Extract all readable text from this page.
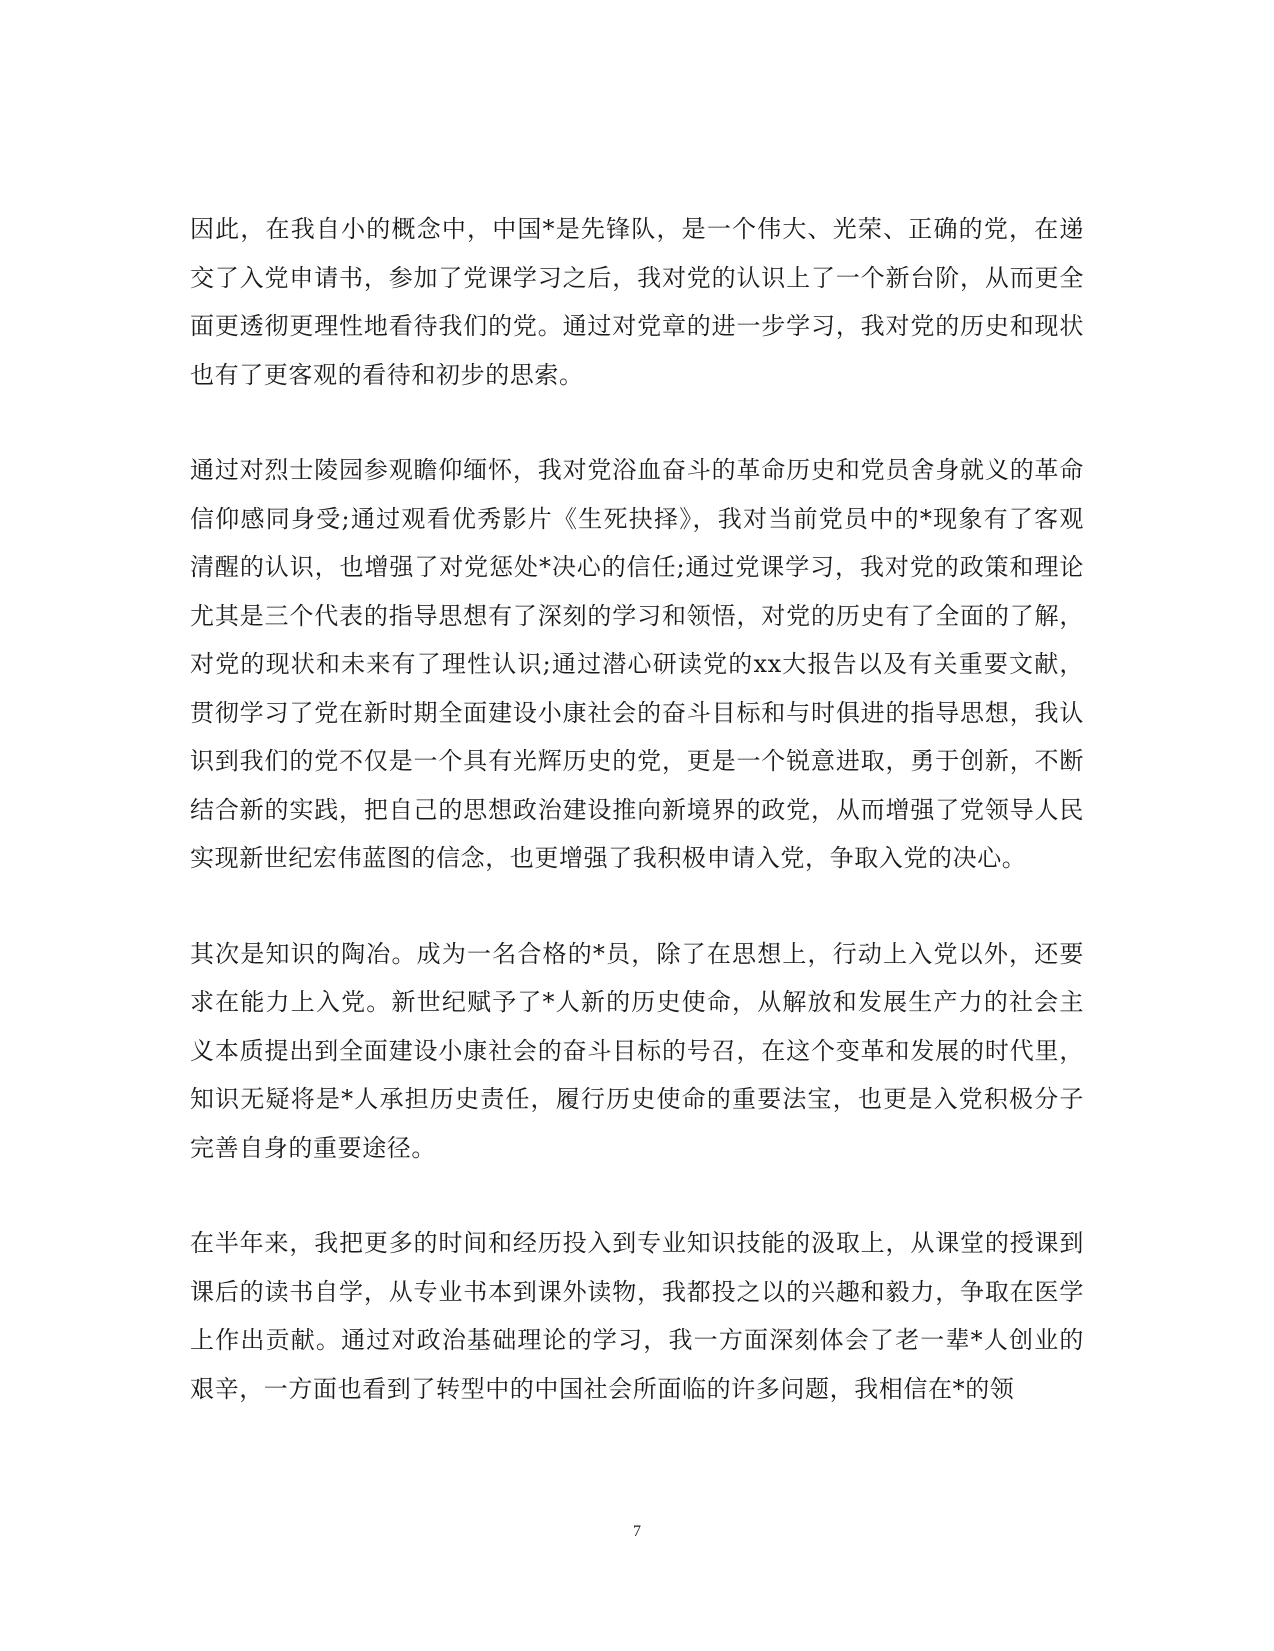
因此，在我自小的概念中，中国*是先锋队，是一个伟大、光荣、正确的党，在递交了入党申请书，参加了党课学习之后，我对党的认识上了一个新台阶，从而更全面更透彻更理性地看待我们的党。通过对党章的进一步学习，我对党的历史和现状也有了更客观的看待和初步的思索。

通过对烈士陵园参观瞻仰缅怀，我对党浴血奋斗的革命历史和党员舍身就义的革命信仰感同身受;通过观看优秀影片《生死抉择》，我对当前党员中的*现象有了客观清醒的认识，也增强了对党惩处*决心的信任;通过党课学习，我对党的政策和理论尤其是三个代表的指导思想有了深刻的学习和领悟，对党的历史有了全面的了解，对党的现状和未来有了理性认识;通过潜心研读党的xx大报告以及有关重要文献，贯彻学习了党在新时期全面建设小康社会的奋斗目标和与时俱进的指导思想，我认识到我们的党不仅是一个具有光辉历史的党，更是一个锐意进取，勇于创新，不断结合新的实践，把自己的思想政治建设推向新境界的政党，从而增强了党领导人民实现新世纪宏伟蓝图的信念，也更增强了我积极申请入党，争取入党的决心。

其次是知识的陶冶。成为一名合格的*员，除了在思想上，行动上入党以外，还要求在能力上入党。新世纪赋予了*人新的历史使命，从解放和发展生产力的社会主义本质提出到全面建设小康社会的奋斗目标的号召，在这个变革和发展的时代里，知识无疑将是*人承担历史责任，履行历史使命的重要法宝，也更是入党积极分子完善自身的重要途径。

在半年来，我把更多的时间和经历投入到专业知识技能的汲取上，从课堂的授课到课后的读书自学，从专业书本到课外读物，我都投之以的兴趣和毅力，争取在医学上作出贡献。通过对政治基础理论的学习，我一方面深刻体会了老一辈*人创业的艰辛，一方面也看到了转型中的中国社会所面临的许多问题，我相信在*的领

7
